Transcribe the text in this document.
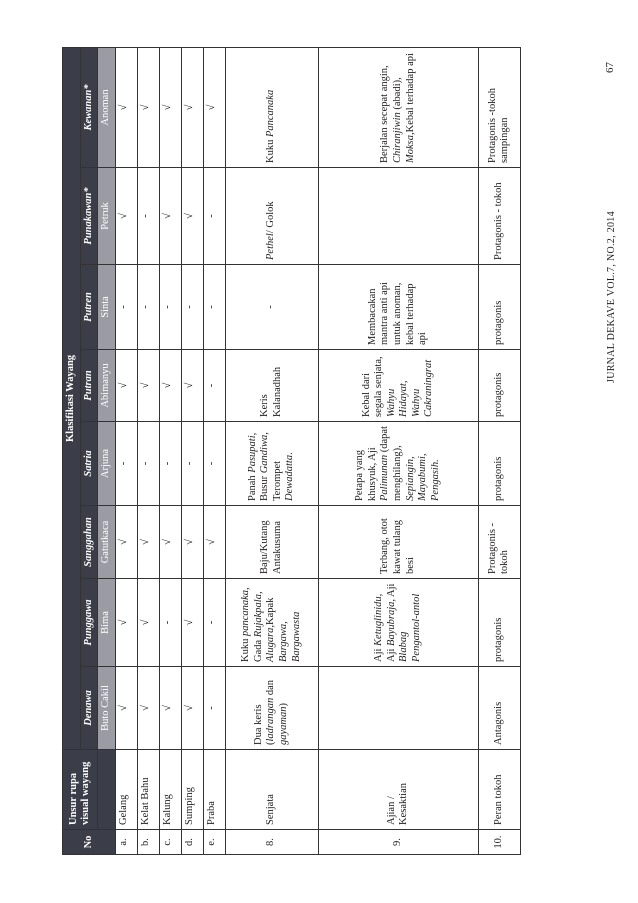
No	Unsur rupa visual wayang	Klasifikasi Wayang							
		Denawa	Punggawa	Sanggahan	Satria	Putran	Putren	Punakawan*	Kewanan*
		Buto Cakil	Bima	Gatutkaca	Arjuna	Abimanyu	Sinta	Petruk	Anoman
a.	Gelang	√	√	√	-	√	-	√	√
b.	Kelat Bahu	√	√	√	-	√	-	-	√
c.	Kalung	√	-	√	-	√	-	√	√
d.	Sumping	√	√	√	-	√	-	√	√
e.	Praba	-	-	√	-	-	-	-	√
8.	Senjata	Dua keris (ladrangan dan gayaman)	Kuku pancanaka, Gada Rujakpala, Alugara,Kapak Bargawa, Bargawasta	Baju/Kutang Antakusuma	Panah Pasupati, Busur Gandiwa, Terompet Dewadatta.	Keris Kalanadhah	-	Pethel/ Golok	Kuku Pancanaka
9.	Ajian / Kesaktian		Aji Ketuglinidu, Aji Bayubraja, Aji Blabag Pengantol-antol	Terbang, otot kawat tulang besi	Petapa yang khusyuk, Aji Palimunan (dapat menghilang), Sepiangin, Mayabumi, Pengasih.	Kebal dari segala senjata, Wahyu Hidayat, Wahyu Cakraningrat	Membacakan mantra anti api untuk anoman, kebal terhadap api		Berjalan secepat angin, Chiranjiwin (abadi), Moksa,Kebal terhadap api
10.	Peran tokoh	Antagonis	protagonis	Protagonis - tokoh	protagonis	protagonis	protagonis	Protagonis - tokoh	Protagonis -tokoh sampingan
JURNAL DEKAVE VOL.7, NO.2, 2014
67
